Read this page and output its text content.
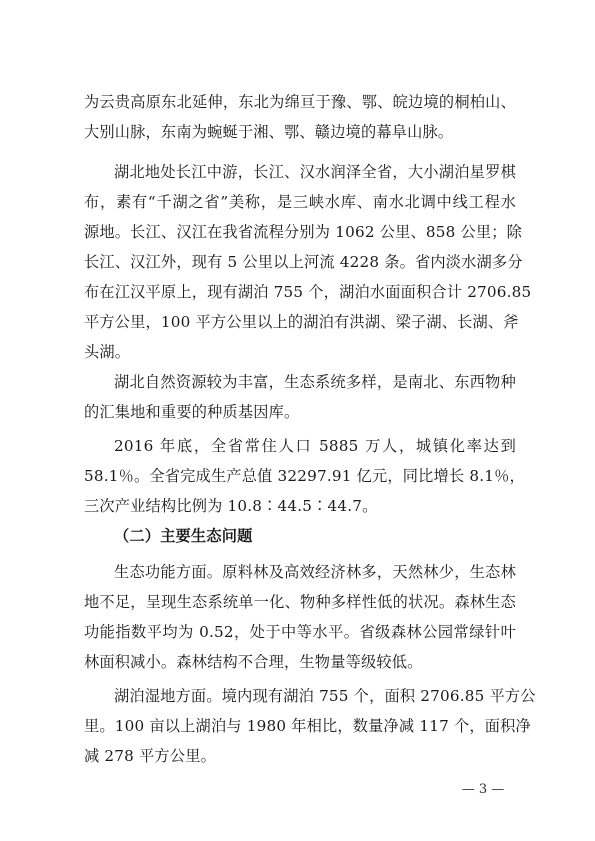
为云贵高原东北延伸，东北为绵亘于豫、鄂、皖边境的桐柏山、

大别山脉，东南为蜿蜒于湘、鄂、赣边境的幕阜山脉。

湖北地处长江中游，长江、汉水润泽全省，大小湖泊星罗棋

布，素有“千湖之省”美称，是三峡水库、南水北调中线工程水

源地。长江、汉江在我省流程分别为 1062 公里、858 公里；除

长江、汉江外，现有 5 公里以上河流 4228 条。省内淡水湖多分

布在江汉平原上，现有湖泊 755 个，湖泊水面面积合计 2706.85

平方公里，100 平方公里以上的湖泊有洪湖、梁子湖、长湖、斧

头湖。

湖北自然资源较为丰富，生态系统多样，是南北、东西物种

的汇集地和重要的种质基因库。

2016 年底，全省常住人口 5885 万人，城镇化率达到

58.1％。全省完成生产总值 32297.91 亿元，同比增长 8.1％，

三次产业结构比例为 10.8∶44.5∶44.7。

（二）主要生态问题

生态功能方面。原料林及高效经济林多，天然林少，生态林

地不足，呈现生态系统单一化、物种多样性低的状况。森林生态

功能指数平均为 0.52，处于中等水平。省级森林公园常绿针叶

林面积减小。森林结构不合理，生物量等级较低。

湖泊湿地方面。境内现有湖泊 755 个，面积 2706.85 平方公

里。100 亩以上湖泊与 1980 年相比，数量净减 117 个，面积净

减 278 平方公里。

— 3 —
